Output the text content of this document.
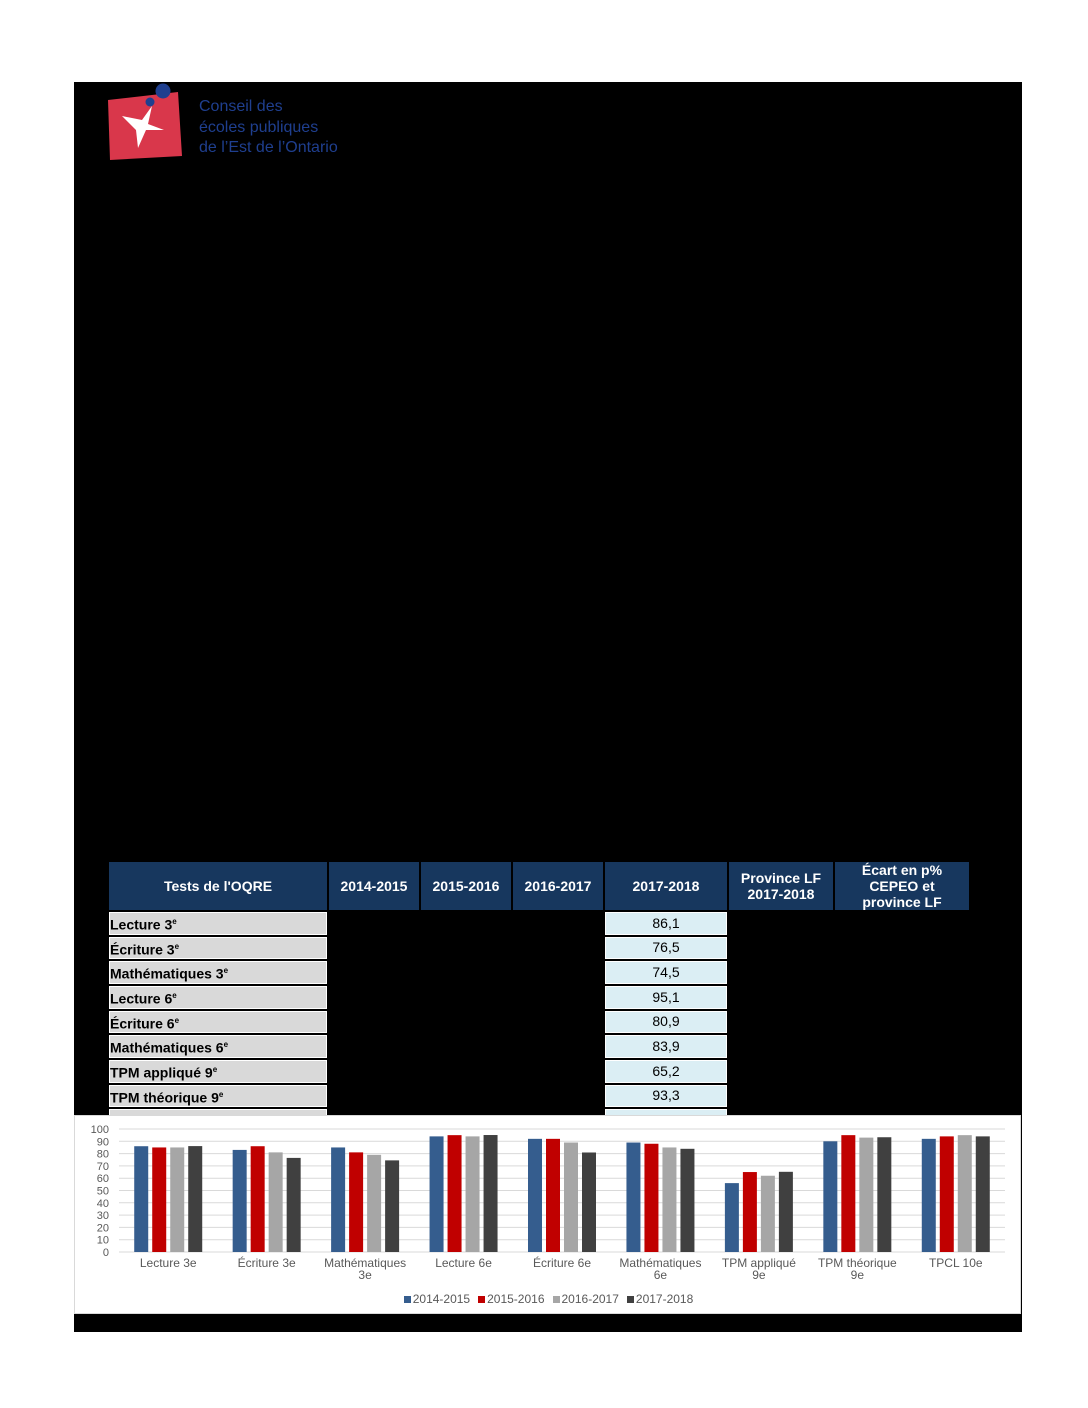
Conseil des
écoles publiques
de l’Est de l’Ontario
Tests de l'OQRE	2014-2015	2015-2016	2016-2017	2017-2018	Province LF 2017-2018	Écart en p% CEPEO et province LF
Lecture 3e				86,1		
Écriture 3e				76,5		
Mathématiques 3e				74,5		
Lecture 6e				95,1		
Écriture 6e				80,9		
Mathématiques 6e				83,9		
TPM appliqué 9e				65,2		
TPM théorique 9e				93,3		

0
10
20
30
40
50
60
70
80
90
100
Lecture 3e	Écriture 3e Mathématiques
3e
Lecture 6e	Écriture 6e Mathématiques
6e
TPM appliqué
9e
TPM théorique
9e
TPCL 10e
2014-2015 2015-2016 2016-2017 2017-2018
